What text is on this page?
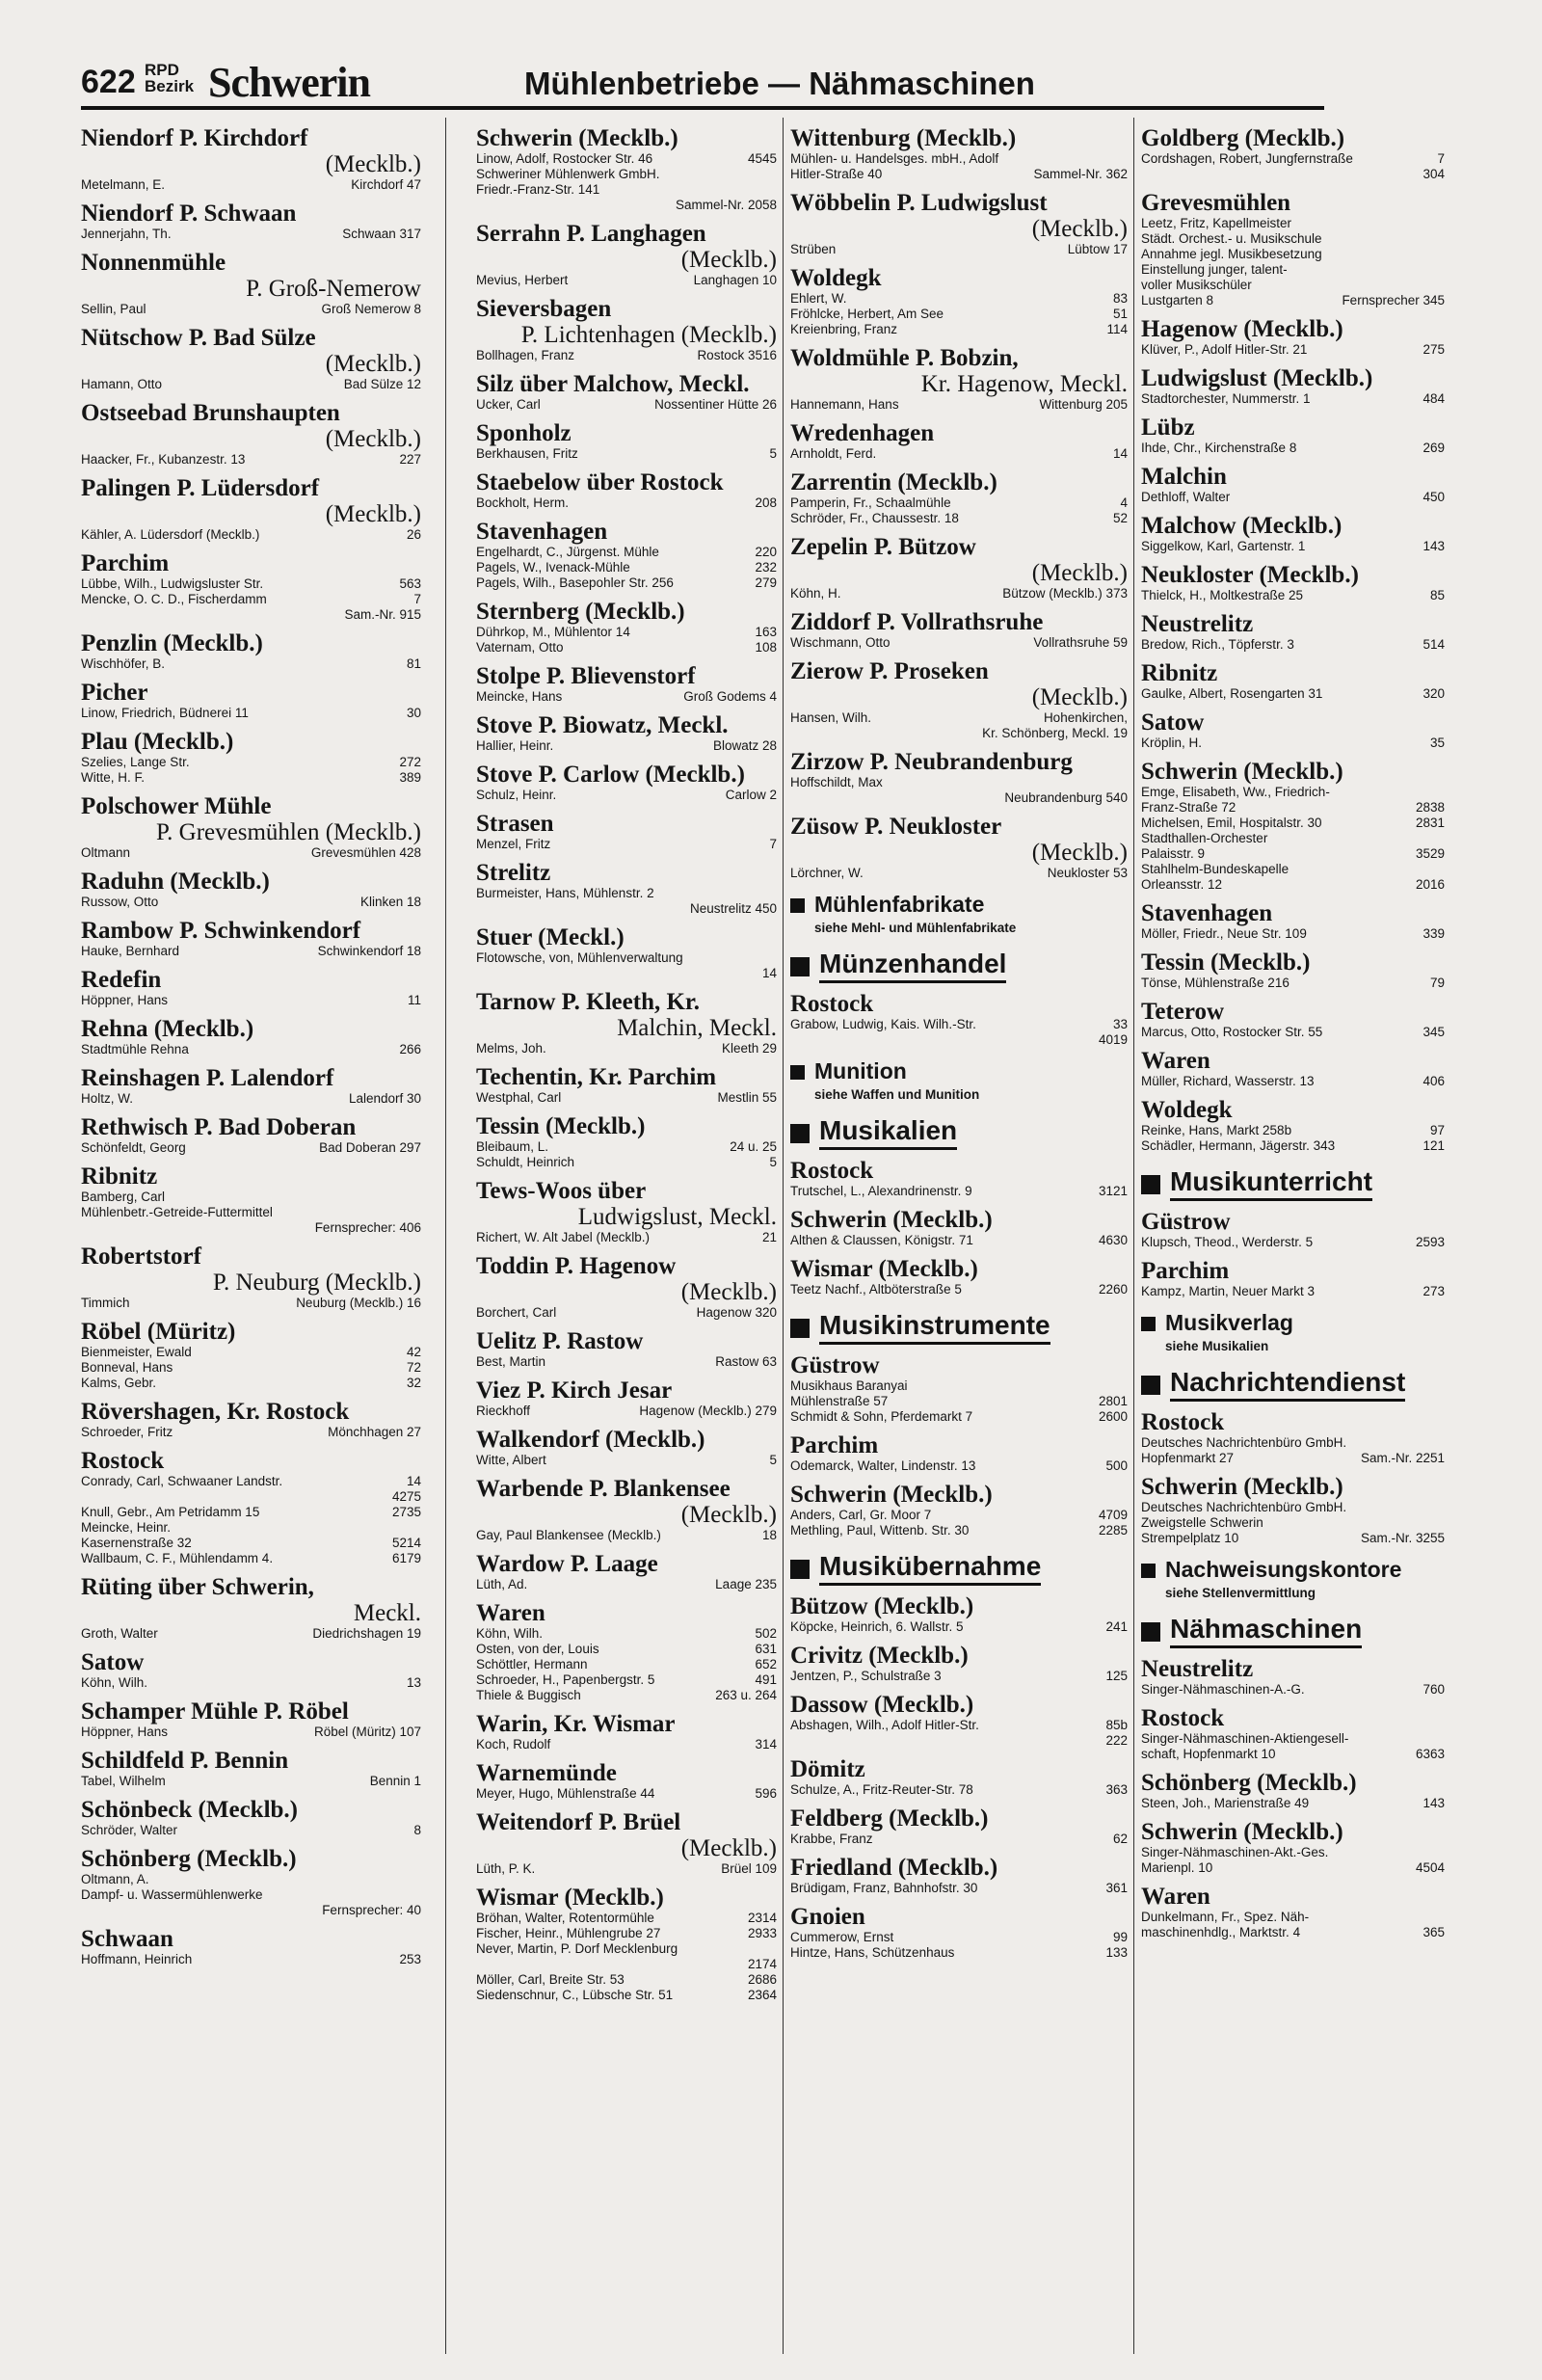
622 RPD
Bezirk Schwerin	Mühlenbetriebe — Nähmaschinen
Niendorf P. Kirchdorf
(Mecklb.)
Metelmann, E.	Kirchdorf 47
Niendorf P. Schwaan
Jennerjahn, Th.	Schwaan 317
Nonnenmühle
P. Groß-Nemerow
Sellin, Paul	Groß Nemerow 8
Nütschow P. Bad Sülze
(Mecklb.)
Hamann, Otto	Bad Sülze 12
Ostseebad Brunshaupten
(Mecklb.)
Haacker, Fr., Kubanzestr. 13	227
Palingen P. Lüdersdorf
(Mecklb.)
Kähler, A. Lüdersdorf (Mecklb.)	26
Parchim
Lübbe, Wilh., Ludwigsluster Str.	563
Mencke, O. C. D., Fischerdamm	7
Sam.-Nr. 915
Penzlin (Mecklb.)
Wischhöfer, B.	81
Picher
Linow, Friedrich, Büdnerei 11	30
Plau (Mecklb.)
Szelies, Lange Str.	272
Witte, H. F.	389
Polschower Mühle
P. Grevesmühlen (Mecklb.)
Oltmann	Grevesmühlen 428
Raduhn (Mecklb.)
Russow, Otto	Klinken 18
Rambow P. Schwinkendorf
Hauke, Bernhard	Schwinkendorf 18
Redefin
Höppner, Hans	11
Rehna (Mecklb.)
Stadtmühle Rehna	266
Reinshagen P. Lalendorf
Holtz, W.	Lalendorf 30
Rethwisch P. Bad Doberan
Schönfeldt, Georg	Bad Doberan 297
Ribnitz
Bamberg, Carl
Mühlenbetr.-Getreide-Futtermittel
Fernsprecher: 406
Robertstorf
P. Neuburg (Mecklb.)
Timmich	Neuburg (Mecklb.) 16
Röbel (Müritz)
Bienmeister, Ewald	42
Bonneval, Hans	72
Kalms, Gebr.	32
Rövershagen, Kr. Rostock
Schroeder, Fritz	Mönchhagen 27
Rostock
Conrady, Carl, Schwaaner Landstr.	14
4275
Knull, Gebr., Am Petridamm 15	2735
Meincke, Heinr.
Kasernenstraße 32	5214
Wallbaum, C. F., Mühlendamm 4.	6179
Rüting über Schwerin,
Meckl.
Groth, Walter	Diedrichshagen 19
Satow
Köhn, Wilh.	13
Schamper Mühle P. Röbel
Höppner, Hans	Röbel (Müritz) 107
Schildfeld P. Bennin
Tabel, Wilhelm	Bennin 1
Schönbeck (Mecklb.)
Schröder, Walter	8
Schönberg (Mecklb.)
Oltmann, A.
Dampf- u. Wassermühlenwerke
Fernsprecher: 40
Schwaan
Hoffmann, Heinrich	253
Schwerin (Mecklb.)
Linow, Adolf, Rostocker Str. 46	4545
Schweriner Mühlenwerk GmbH.
Friedr.-Franz-Str. 141
Sammel-Nr. 2058
Serrahn P. Langhagen
(Mecklb.)
Mevius, Herbert	Langhagen 10
Sieversbagen
P. Lichtenhagen (Mecklb.)
Bollhagen, Franz	Rostock 3516
Silz über Malchow, Meckl.
Ucker, Carl	Nossentiner Hütte 26
Sponholz
Berkhausen, Fritz	5
Staebelow über Rostock
Bockholt, Herm.	208
Stavenhagen
Engelhardt, C., Jürgenst. Mühle	220
Pagels, W., Ivenack-Mühle	232
Pagels, Wilh., Basepohler Str. 256	279
Sternberg (Mecklb.)
Dührkop, M., Mühlentor 14	163
Vaternam, Otto	108
Stolpe P. Blievenstorf
Meincke, Hans	Groß Godems 4
Stove P. Biowatz, Meckl.
Hallier, Heinr.	Blowatz 28
Stove P. Carlow (Mecklb.)
Schulz, Heinr.	Carlow 2
Strasen
Menzel, Fritz	7
Strelitz
Burmeister, Hans, Mühlenstr. 2
Neustrelitz 450
Stuer (Meckl.)
Flotowsche, von, Mühlenverwaltung
14
Tarnow P. Kleeth, Kr.
Malchin, Meckl.
Melms, Joh.	Kleeth 29
Techentin, Kr. Parchim
Westphal, Carl	Mestlin 55
Tessin (Mecklb.)
Bleibaum, L.	24 u. 25
Schuldt, Heinrich	5
Tews-Woos über
Ludwigslust, Meckl.
Richert, W. Alt Jabel (Mecklb.)	21
Toddin P. Hagenow
(Mecklb.)
Borchert, Carl	Hagenow 320
Uelitz P. Rastow
Best, Martin	Rastow 63
Viez P. Kirch Jesar
Rieckhoff	Hagenow (Mecklb.) 279
Walkendorf (Mecklb.)
Witte, Albert	5
Warbende P. Blankensee
(Mecklb.)
Gay, Paul Blankensee (Mecklb.)	18
Wardow P. Laage
Lüth, Ad.	Laage 235
Waren
Köhn, Wilh.	502
Osten, von der, Louis	631
Schöttler, Hermann	652
Schroeder, H., Papenbergstr. 5	491
Thiele & Buggisch	263 u. 264
Warin, Kr. Wismar
Koch, Rudolf	314
Warnemünde
Meyer, Hugo, Mühlenstraße 44	596
Weitendorf P. Brüel
(Mecklb.)
Lüth, P. K.	Brüel 109
Wismar (Mecklb.)
Bröhan, Walter, Rotentormühle	2314
Fischer, Heinr., Mühlengrube 27	2933
Never, Martin, P. Dorf Mecklenburg
2174
Möller, Carl, Breite Str. 53	2686
Siedenschnur, C., Lübsche Str. 51	2364
Wittenburg (Mecklb.)
Mühlen- u. Handelsges. mbH., Adolf
Hitler-Straße 40	Sammel-Nr. 362
Wöbbelin P. Ludwigslust
(Mecklb.)
Strüben	Lübtow 17
Woldegk
Ehlert, W.	83
Fröhlcke, Herbert, Am See	51
Kreienbring, Franz	114
Woldmühle P. Bobzin,
Kr. Hagenow, Meckl.
Hannemann, Hans	Wittenburg 205
Wredenhagen
Arnholdt, Ferd.	14
Zarrentin (Mecklb.)
Pamperin, Fr., Schaalmühle	4
Schröder, Fr., Chaussestr. 18	52
Zepelin P. Bützow
(Mecklb.)
Köhn, H.	Bützow (Mecklb.) 373
Ziddorf P. Vollrathsruhe
Wischmann, Otto	Vollrathsruhe 59
Zierow P. Proseken
(Mecklb.)
Hansen, Wilh.	Hohenkirchen,
Kr. Schönberg, Meckl. 19
Zirzow P. Neubrandenburg
Hoffschildt, Max
Neubrandenburg 540
Züsow P. Neukloster
(Mecklb.)
Lörchner, W.	Neukloster 53
Mühlenfabrikate
siehe Mehl- und Mühlenfabrikate
Münzenhandel
Rostock
Grabow, Ludwig, Kais. Wilh.-Str.	33
4019
Munition
siehe Waffen und Munition
Musikalien
Rostock
Trutschel, L., Alexandrinenstr. 9	3121
Schwerin (Mecklb.)
Althen & Claussen, Königstr. 71	4630
Wismar (Mecklb.)
Teetz Nachf., Altböterstraße 5	2260
Musikinstrumente
Güstrow
Musikhaus Baranyai
Mühlenstraße 57	2801
Schmidt & Sohn, Pferdemarkt 7	2600
Parchim
Odemarck, Walter, Lindenstr. 13	500
Schwerin (Mecklb.)
Anders, Carl, Gr. Moor 7	4709
Methling, Paul, Wittenb. Str. 30	2285
Musikübernahme
Bützow (Mecklb.)
Köpcke, Heinrich, 6. Wallstr. 5	241
Crivitz (Mecklb.)
Jentzen, P., Schulstraße 3	125
Dassow (Mecklb.)
Abshagen, Wilh., Adolf Hitler-Str.	85b
222
Dömitz
Schulze, A., Fritz-Reuter-Str. 78	363
Feldberg (Mecklb.)
Krabbe, Franz	62
Friedland (Mecklb.)
Brüdigam, Franz, Bahnhofstr. 30	361
Gnoien
Cummerow, Ernst	99
Hintze, Hans, Schützenhaus	133
Goldberg (Mecklb.)
Cordshagen, Robert, Jungfernstraße	7
304
Grevesmühlen
Leetz, Fritz, Kapellmeister
Städt. Orchest.- u. Musikschule
Annahme jegl. Musikbesetzung
Einstellung junger, talent-
voller Musikschüler
Lustgarten 8	Fernsprecher 345
Hagenow (Mecklb.)
Klüver, P., Adolf Hitler-Str. 21	275
Ludwigslust (Mecklb.)
Stadtorchester, Nummerstr. 1	484
Lübz
Ihde, Chr., Kirchenstraße 8	269
Malchin
Dethloff, Walter	450
Malchow (Mecklb.)
Siggelkow, Karl, Gartenstr. 1	143
Neukloster (Mecklb.)
Thielck, H., Moltkestraße 25	85
Neustrelitz
Bredow, Rich., Töpferstr. 3	514
Ribnitz
Gaulke, Albert, Rosengarten 31	320
Satow
Kröplin, H.	35
Schwerin (Mecklb.)
Emge, Elisabeth, Ww., Friedrich-
Franz-Straße 72	2838
Michelsen, Emil, Hospitalstr. 30	2831
Stadthallen-Orchester
Palaisstr. 9	3529
Stahlhelm-Bundeskapelle
Orleansstr. 12	2016
Stavenhagen
Möller, Friedr., Neue Str. 109	339
Tessin (Mecklb.)
Tönse, Mühlenstraße 216	79
Teterow
Marcus, Otto, Rostocker Str. 55	345
Waren
Müller, Richard, Wasserstr. 13	406
Woldegk
Reinke, Hans, Markt 258b	97
Schädler, Hermann, Jägerstr. 343	121
Musikunterricht
Güstrow
Klupsch, Theod., Werderstr. 5	2593
Parchim
Kampz, Martin, Neuer Markt 3	273
Musikverlag
siehe Musikalien
Nachrichtendienst
Rostock
Deutsches Nachrichtenbüro GmbH.
Hopfenmarkt 27	Sam.-Nr. 2251
Schwerin (Mecklb.)
Deutsches Nachrichtenbüro GmbH.
Zweigstelle Schwerin
Strempelplatz 10	Sam.-Nr. 3255
Nachweisungskontore
siehe Stellenvermittlung
Nähmaschinen
Neustrelitz
Singer-Nähmaschinen-A.-G.	760
Rostock
Singer-Nähmaschinen-Aktiengesell-
schaft, Hopfenmarkt 10	6363
Schönberg (Mecklb.)
Steen, Joh., Marienstraße 49	143
Schwerin (Mecklb.)
Singer-Nähmaschinen-Akt.-Ges.
Marienpl. 10	4504
Waren
Dunkelmann, Fr., Spez. Näh-
maschinenhdlg., Marktstr. 4	365
